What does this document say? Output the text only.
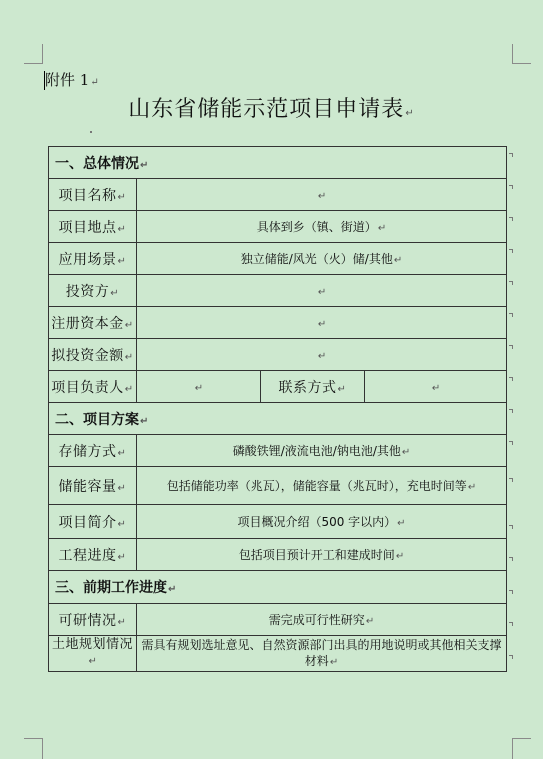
附件 1↵
山东省储能示范项目申请表↵
一、总体情况↵			
项目名称↵	↵		
项目地点↵	具体到乡（镇、街道）↵		
应用场景↵	独立储能/风光（火）储/其他↵		
投资方↵	↵		
注册资本金↵	↵		
拟投资金额↵	↵		
项目负责人↵	↵	联系方式↵	↵
二、项目方案↵			
存储方式↵	磷酸铁锂/液流电池/钠电池/其他↵		
储能容量↵	包括储能功率（兆瓦），储能容量（兆瓦时），充电时间等↵		
项目简介↵	项目概况介绍（500 字以内）↵		
工程进度↵	包括项目预计开工和建成时间↵		
三、前期工作进度↵			
可研情况↵	需完成可行性研究↵		
土地规划情况↵	需具有规划选址意见、自然资源部门出具的用地说明或其他相关支撑材料↵		
